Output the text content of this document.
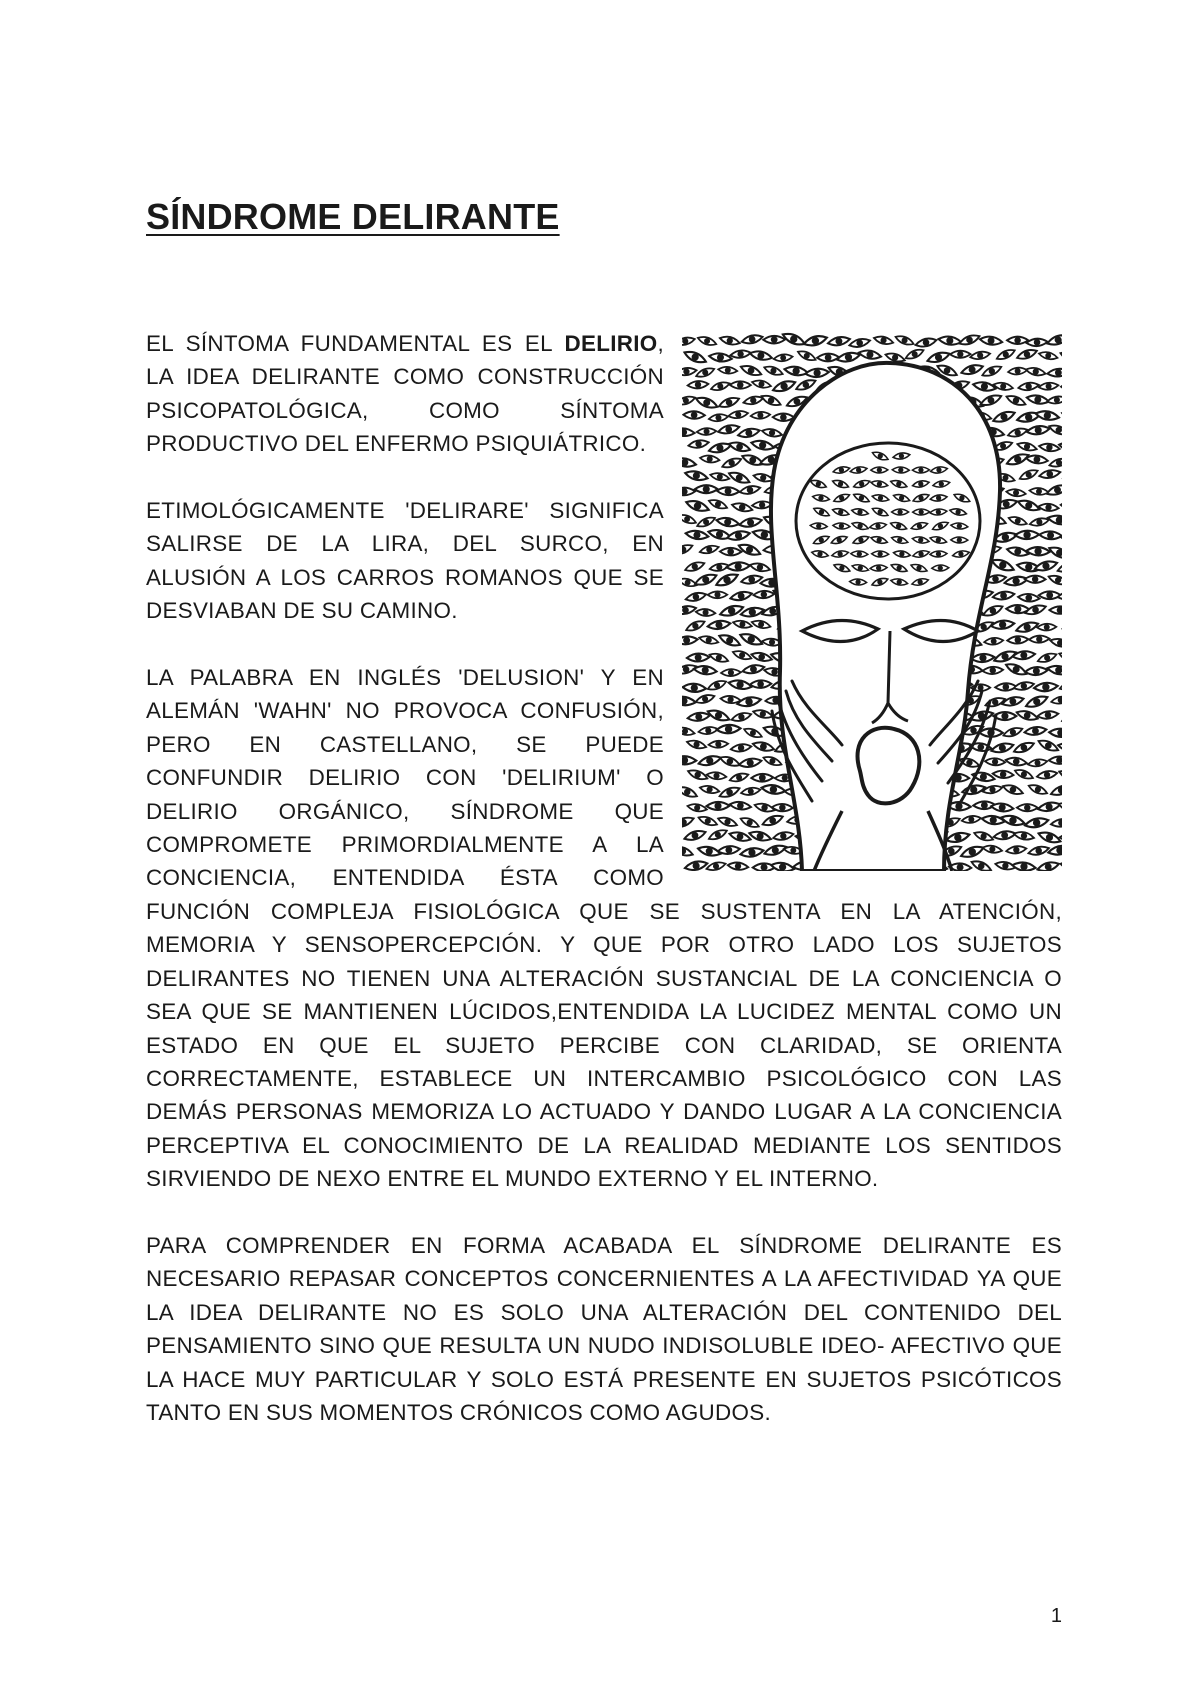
SÍNDROME DELIRANTE

EL SÍNTOMA FUNDAMENTAL ES EL DELIRIO, LA IDEA DELIRANTE COMO CONSTRUCCIÓN PSICOPATOLÓGICA, COMO SÍNTOMA PRODUCTIVO DEL ENFERMO PSIQUIÁTRICO.

ETIMOLÓGICAMENTE 'DELIRARE' SIGNIFICA SALIRSE DE LA LIRA, DEL SURCO, EN ALUSIÓN A LOS CARROS ROMANOS QUE SE DESVIABAN DE SU CAMINO.

LA PALABRA EN INGLÉS 'DELUSION' Y EN ALEMÁN 'WAHN' NO PROVOCA CONFUSIÓN, PERO EN CASTELLANO, SE PUEDE CONFUNDIR DELIRIO CON 'DELIRIUM' O DELIRIO ORGÁNICO, SÍNDROME QUE COMPROMETE PRIMORDIALMENTE A LA CONCIENCIA, ENTENDIDA ÉSTA COMO FUNCIÓN COMPLEJA FISIOLÓGICA QUE SE SUSTENTA EN LA ATENCIÓN, MEMORIA Y SENSOPERCEPCIÓN. Y QUE POR OTRO LADO LOS SUJETOS DELIRANTES NO TIENEN UNA ALTERACIÓN SUSTANCIAL DE LA CONCIENCIA O SEA QUE SE MANTIENEN LÚCIDOS,ENTENDIDA LA LUCIDEZ MENTAL COMO UN ESTADO EN QUE EL SUJETO PERCIBE CON CLARIDAD, SE ORIENTA CORRECTAMENTE, ESTABLECE UN INTERCAMBIO PSICOLÓGICO CON LAS DEMÁS PERSONAS MEMORIZA LO ACTUADO Y DANDO LUGAR A LA CONCIENCIA PERCEPTIVA EL CONOCIMIENTO DE LA REALIDAD MEDIANTE LOS SENTIDOS SIRVIENDO DE NEXO ENTRE EL MUNDO EXTERNO Y EL INTERNO.

PARA COMPRENDER EN FORMA ACABADA EL SÍNDROME DELIRANTE ES NECESARIO REPASAR CONCEPTOS CONCERNIENTES A LA AFECTIVIDAD YA QUE LA IDEA DELIRANTE NO ES SOLO UNA ALTERACIÓN DEL CONTENIDO DEL PENSAMIENTO SINO QUE RESULTA UN NUDO INDISOLUBLE IDEO- AFECTIVO QUE LA HACE MUY PARTICULAR Y SOLO ESTÁ PRESENTE EN SUJETOS PSICÓTICOS TANTO EN SUS MOMENTOS CRÓNICOS COMO AGUDOS.

1
